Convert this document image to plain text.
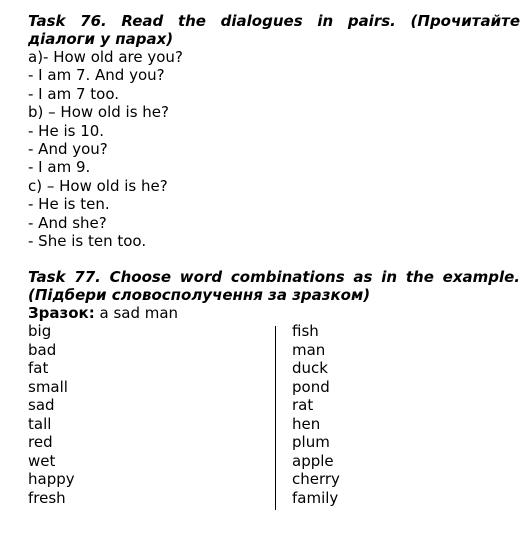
Task 76. Read the dialogues in pairs. (Прочитайте діалоги у парах)

a)- How old are you?

- I am 7. And you?

- I am 7 too.

b) – How old is he?

- He is 10.

- And you?

- I am 9.

c) – How old is he?

- He is ten.

- And she?

- She is ten too.

Task 77. Choose word combinations as in the example. (Підбери словосполучення за зразком)

Зразок: a sad man

big

bad

fat

small

sad

tall

red

wet

happy

fresh

fish

man

duck

pond

rat

hen

plum

apple

cherry

family
